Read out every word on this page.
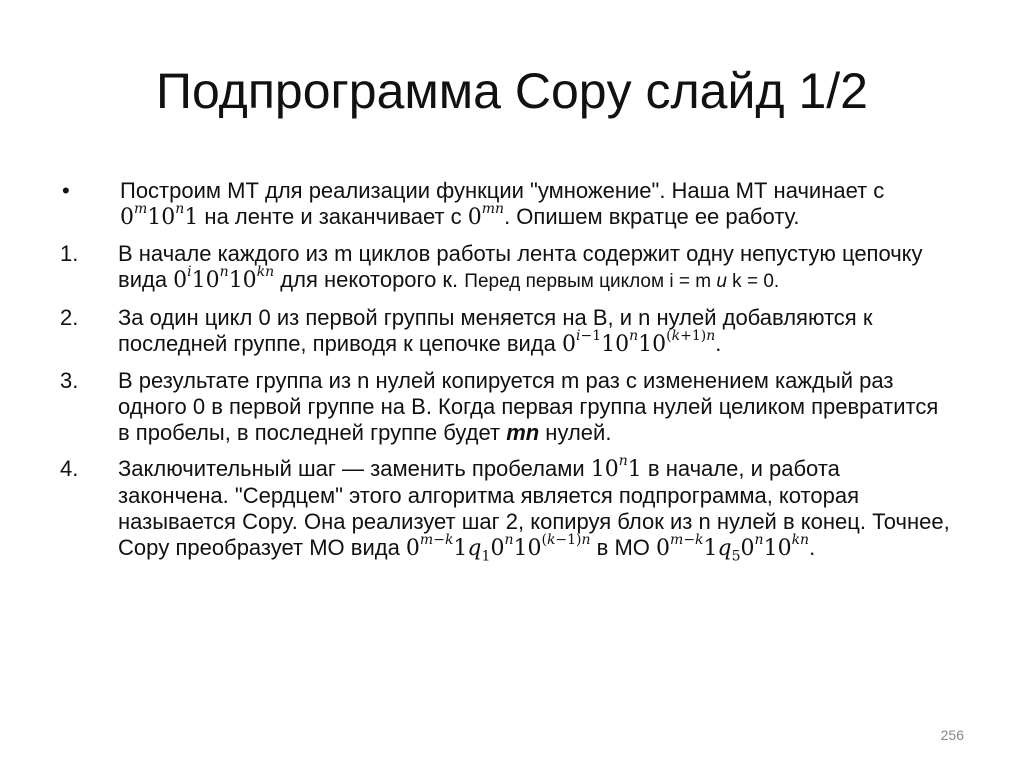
Подпрограмма Copy слайд 1/2
•	Построим МТ для реализации функции "умножение". Наша МТ начинает с 0$^m$10$^n$1 на ленте и заканчивает с $0^{mn}$. Опишем вкратце ее работу.
1.	В начале каждого из m циклов работы лента содержит одну непустую цепочку вида $0^i10^n10^{kn}$ для некоторого к. Перед первым циклом i = m и k = 0.
2.	За один цикл 0 из первой группы меняется на B, и n нулей добавляются к последней группе, приводя к цепочке вида $0^{i-1}10^n10^{(k+1)n}$.
3.	В результате группа из n нулей копируется m раз с изменением каждый раз одного 0 в первой группе на B. Когда первая группа нулей целиком превратится в пробелы, в последней группе будет mn нулей.
4.	Заключительный шаг — заменить пробелами 10$^n$1 в начале, и работа закончена. "Сердцем" этого алгоритма является подпрограмма, которая называется Copy. Она реализует шаг 2, копируя блок из n нулей в конец. Точнее, Copy преобразует МО вида $0^{m-k}1q_10^n10^{(k-1)n}$ в МО $0^{m-k}1q_50^n10^{kn}$.
256
